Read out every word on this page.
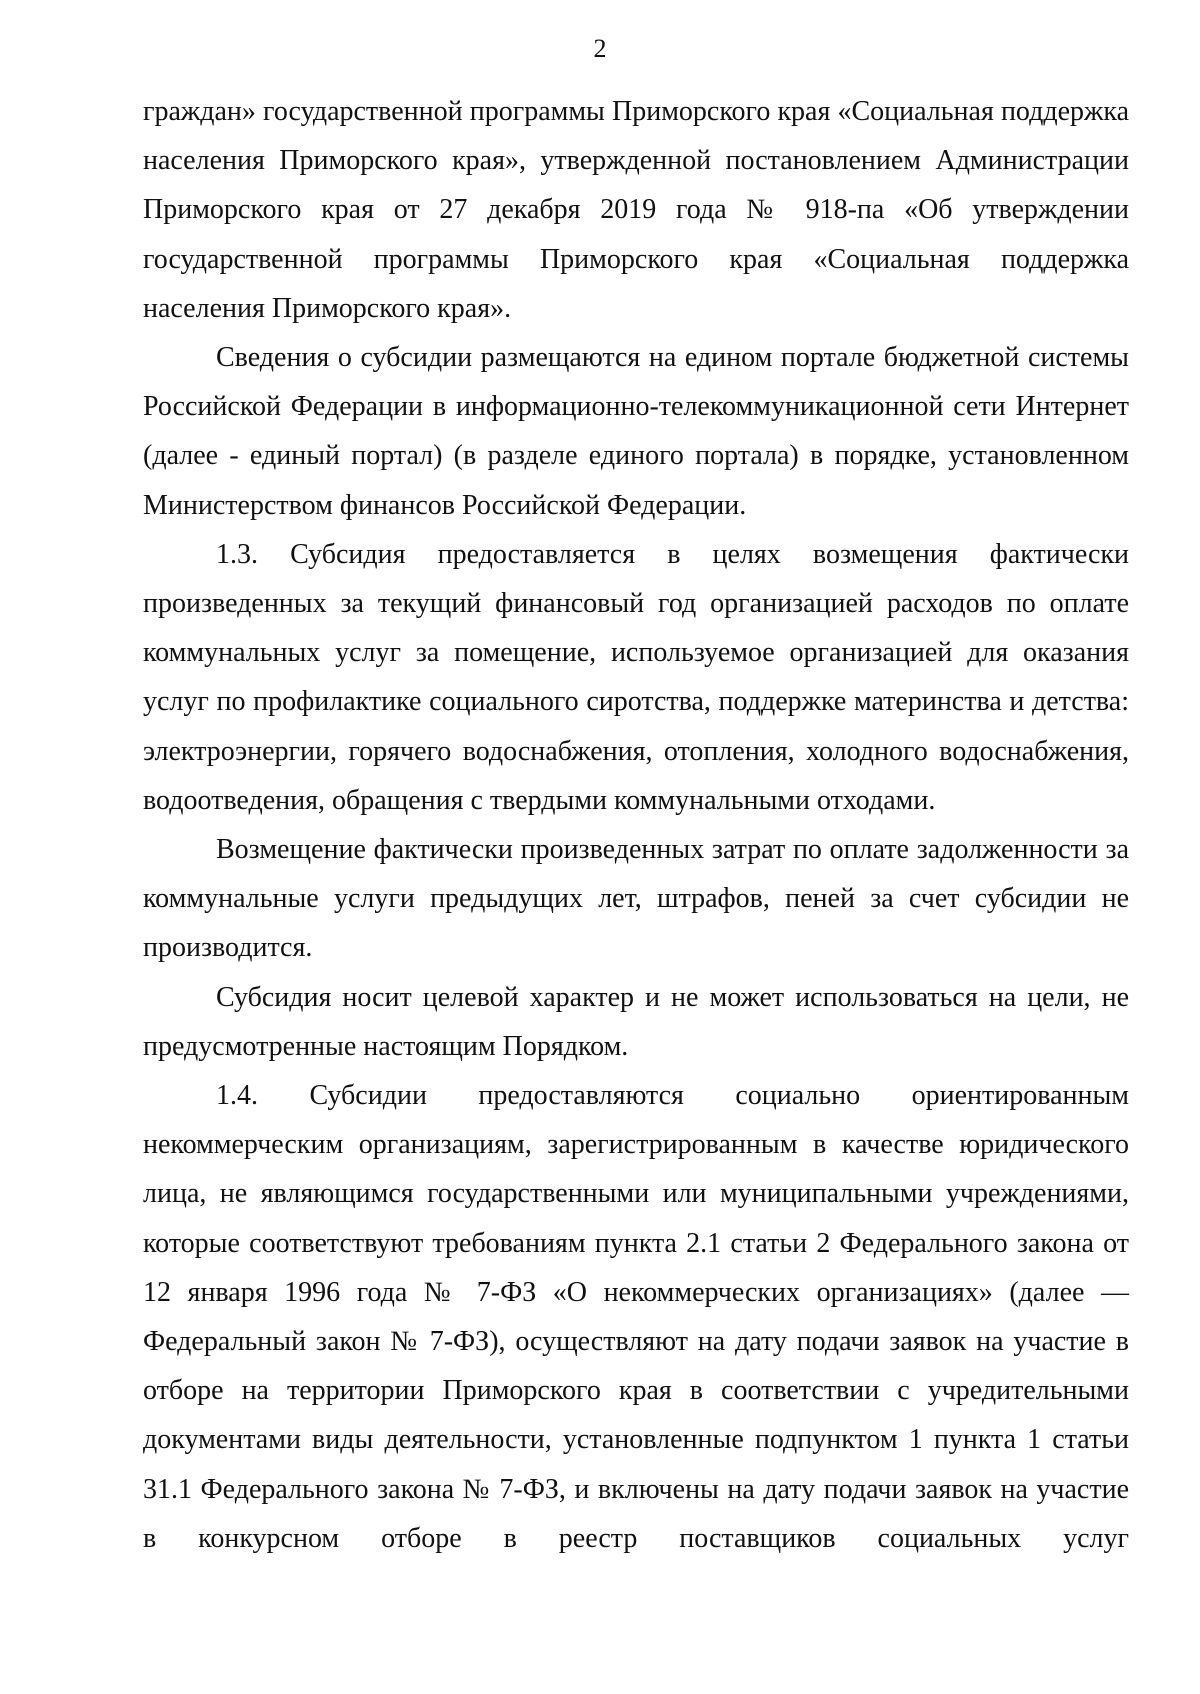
2

граждан» государственной программы Приморского края «Социальная поддержка населения Приморского края», утвержденной постановлением Администрации Приморского края от 27 декабря 2019 года № 918-па «Об утверждении государственной программы Приморского края «Социальная поддержка населения Приморского края».

Сведения о субсидии размещаются на едином портале бюджетной системы Российской Федерации в информационно-телекоммуникационной сети Интернет (далее - единый портал) (в разделе единого портала) в порядке, установленном Министерством финансов Российской Федерации.

1.3. Субсидия предоставляется в целях возмещения фактически произведенных за текущий финансовый год организацией расходов по оплате коммунальных услуг за помещение, используемое организацией для оказания услуг по профилактике социального сиротства, поддержке материнства и детства: электроэнергии, горячего водоснабжения, отопления, холодного водоснабжения, водоотведения, обращения с твердыми коммунальными отходами.

Возмещение фактически произведенных затрат по оплате задолженности за коммунальные услуги предыдущих лет, штрафов, пеней за счет субсидии не производится.

Субсидия носит целевой характер и не может использоваться на цели, не предусмотренные настоящим Порядком.

1.4. Субсидии предоставляются социально ориентированным некоммерческим организациям, зарегистрированным в качестве юридического лица, не являющимся государственными или муниципальными учреждениями, которые соответствуют требованиям пункта 2.1 статьи 2 Федерального закона от 12 января 1996 года № 7-ФЗ «О некоммерческих организациях» (далее — Федеральный закон № 7-ФЗ), осуществляют на дату подачи заявок на участие в отборе на территории Приморского края в соответствии с учредительными документами виды деятельности, установленные подпунктом 1 пункта 1 статьи 31.1 Федерального закона № 7-ФЗ, и включены на дату подачи заявок на участие в конкурсном отборе в реестр поставщиков социальных услуг
